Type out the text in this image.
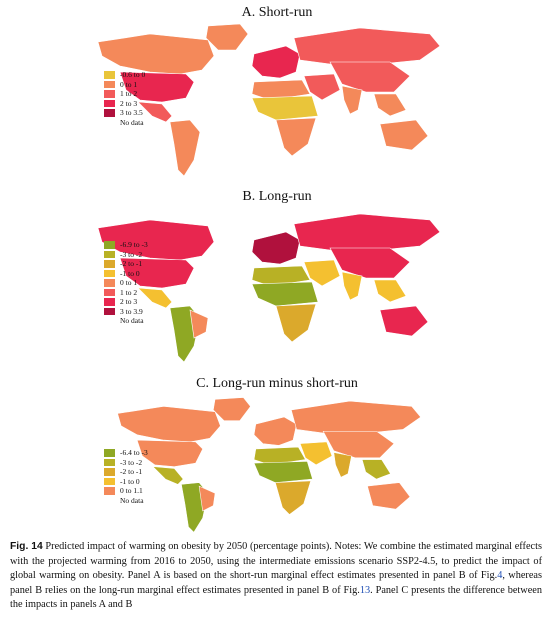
A. Short-run
-0.6 to 0
0 to 1
1 to 2
2 to 3
3 to 3.5
No data
B. Long-run
-6.9 to -3
-3 to -2
-2 to -1
-1 to 0
0 to 1
1 to 2
2 to 3
3 to 3.9
No data
C. Long-run minus short-run
-6.4 to -3
-3 to -2
-2 to -1
-1 to 0
0 to 1.1
No data
Fig. 14 Predicted impact of warming on obesity by 2050 (percentage points). Notes: We combine the estimated marginal effects with the projected warming from 2016 to 2050, using the intermediate emissions scenario SSP2-4.5, to predict the impact of global warming on obesity. Panel A is based on the short-run marginal effect estimates presented in panel B of Fig.4, whereas panel B relies on the long-run marginal effect estimates presented in panel B of Fig.13. Panel C presents the difference between the impacts in panels A and B
